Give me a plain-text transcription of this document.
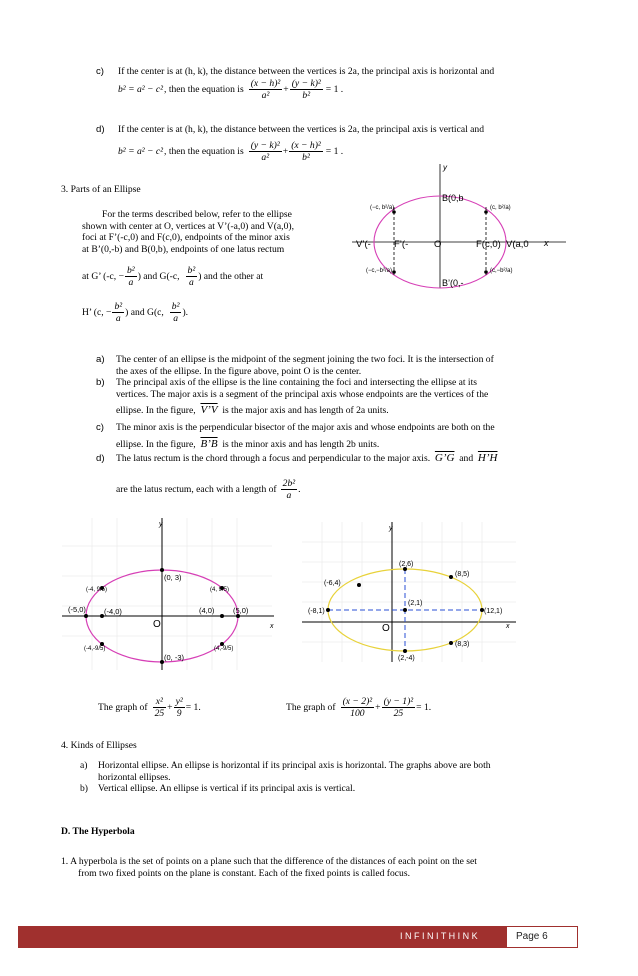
c) If the center is at (h, k), the distance between the vertices is 2a, the principal axis is horizontal and
b² = a² − c² , then the equation is $\frac{\text{(x − h)²}}{\text{a²}} + \frac{\text{(y − k)²}}{\text{b²}} = 1$ .
d) If the center is at (h, k), the distance between the vertices is 2a, the principal axis is vertical and
b² = a² − c² , then the equation is $\frac{\text{(y − k)²}}{\text{a²}} + \frac{\text{(x − h)²}}{\text{b²}} = 1$ .
3. Parts of an Ellipse
For the terms described below, refer to the ellipse
shown with center at O, vertices at V’(-a,0) and V(a,0),
foci at F’(-c,0) and F(c,0), endpoints of the minor axis
at B’(0,-b) and B(0,b), endpoints of one latus rectum
at G’ (-c, − $\frac{\text{b²}}{a}$ ) and G(-c, $\frac{\text{b²}}{a}$ ) and the other at
H’ (c, − $\frac{\text{b²}}{a}$ ) and G(c, $\frac{\text{b²}}{a}$ ).
y
x
B(0,b
B’(0,-
V’(- F’(-	O	F(c,0) V(a,0
(−c, b²/a)	(c, b²/a)
(−c,−b²/a)	(c,−b²/a)
a) The center of an ellipse is the midpoint of the segment joining the two foci. It is the intersection of
the axes of the ellipse. In the figure above, point O is the center.
b) The principal axis of the ellipse is the line containing the foci and intersecting the ellipse at its
vertices. The major axis is a segment of the principal axis whose endpoints are the vertices of the
ellipse. In the figure, V’V is the major axis and has length of 2a units.
c) The minor axis is the perpendicular bisector of the major axis and whose endpoints are both on the
ellipse. In the figure, B’B is the minor axis and has length 2b units.
d) The latus rectum is the chord through a focus and perpendicular to the major axis. G’G and H’H
are the latus rectum, each with a length of $\frac{\text{2b²}}{a}$ .
y
x
O
(0, 3)
(0, -3)
(-5,0) (-4,0)	(4,0) (5,0)
(-4, 9/5)	(4, 9/5)
(-4,-9/5)	(4,-9/5)
y
x
O
(2,6)
(8,5)
(-6,4)
(2,1)
(-8,1)	(12,1)
(8,3)
(2,-4)
The graph of $\frac{\text{x²}}{25} + \frac{\text{y²}}{9} = 1$.	The graph of $\frac{\text{(x − 2)²}}{100} + \frac{\text{(y − 1)²}}{25} = 1$.
4. Kinds of Ellipses
a) Horizontal ellipse. An ellipse is horizontal if its principal axis is horizontal. The graphs above are both
horizontal ellipses.
b) Vertical ellipse. An ellipse is vertical if its principal axis is vertical.
D. The Hyperbola
1. A hyperbola is the set of points on a plane such that the difference of the distances of each point on the set
from two fixed points on the plane is constant. Each of the fixed points is called focus.
I N F I N I T H I N K	Page 6
